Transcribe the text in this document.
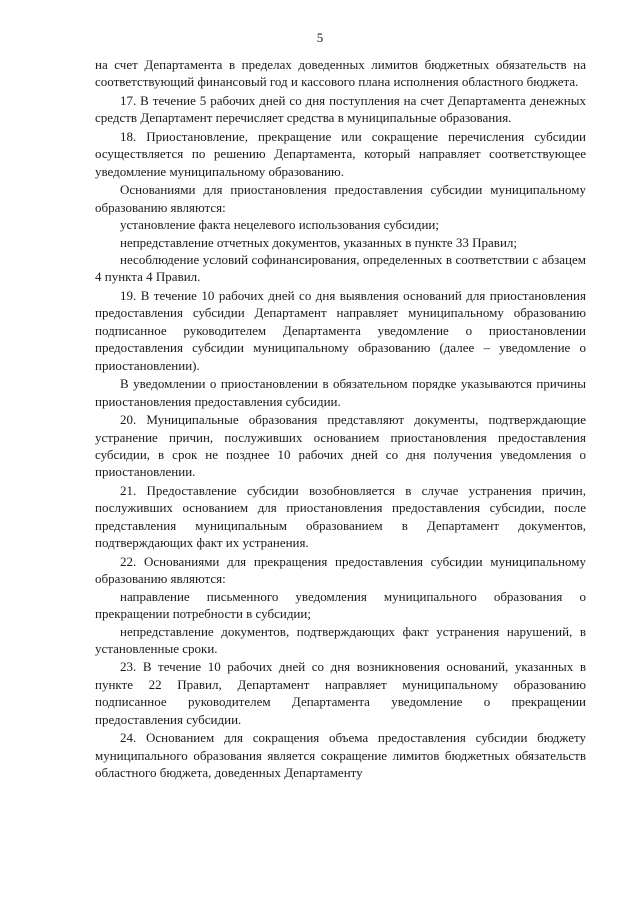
5

на счет Департамента в пределах доведенных лимитов бюджетных обязательств на соответствующий финансовый год и кассового плана исполнения областного бюджета.

17. В течение 5 рабочих дней со дня поступления на счет Департамента денежных средств Департамент перечисляет средства в муниципальные образования.

18. Приостановление, прекращение или сокращение перечисления субсидии осуществляется по решению Департамента, который направляет соответствующее уведомление муниципальному образованию.

Основаниями для приостановления предоставления субсидии муниципальному образованию являются:

установление факта нецелевого использования субсидии;

непредставление отчетных документов, указанных в пункте 33 Правил;

несоблюдение условий софинансирования, определенных в соответствии с абзацем 4 пункта 4 Правил.

19. В течение 10 рабочих дней со дня выявления оснований для приостановления предоставления субсидии Департамент направляет муниципальному образованию подписанное руководителем Департамента уведомление о приостановлении предоставления субсидии муниципальному образованию (далее – уведомление о приостановлении).

В уведомлении о приостановлении в обязательном порядке указываются причины приостановления предоставления субсидии.

20. Муниципальные образования представляют документы, подтверждающие устранение причин, послуживших основанием приостановления предоставления субсидии, в срок не позднее 10 рабочих дней со дня получения уведомления о приостановлении.

21. Предоставление субсидии возобновляется в случае устранения причин, послуживших основанием для приостановления предоставления субсидии, после представления муниципальным образованием в Департамент документов, подтверждающих факт их устранения.

22. Основаниями для прекращения предоставления субсидии муниципальному образованию являются:

направление письменного уведомления муниципального образования о прекращении потребности в субсидии;

непредставление документов, подтверждающих факт устранения нарушений, в установленные сроки.

23. В течение 10 рабочих дней со дня возникновения оснований, указанных в пункте 22 Правил, Департамент направляет муниципальному образованию подписанное руководителем Департамента уведомление о прекращении предоставления субсидии.

24. Основанием для сокращения объема предоставления субсидии бюджету муниципального образования является сокращение лимитов бюджетных обязательств областного бюджета, доведенных Департаменту
